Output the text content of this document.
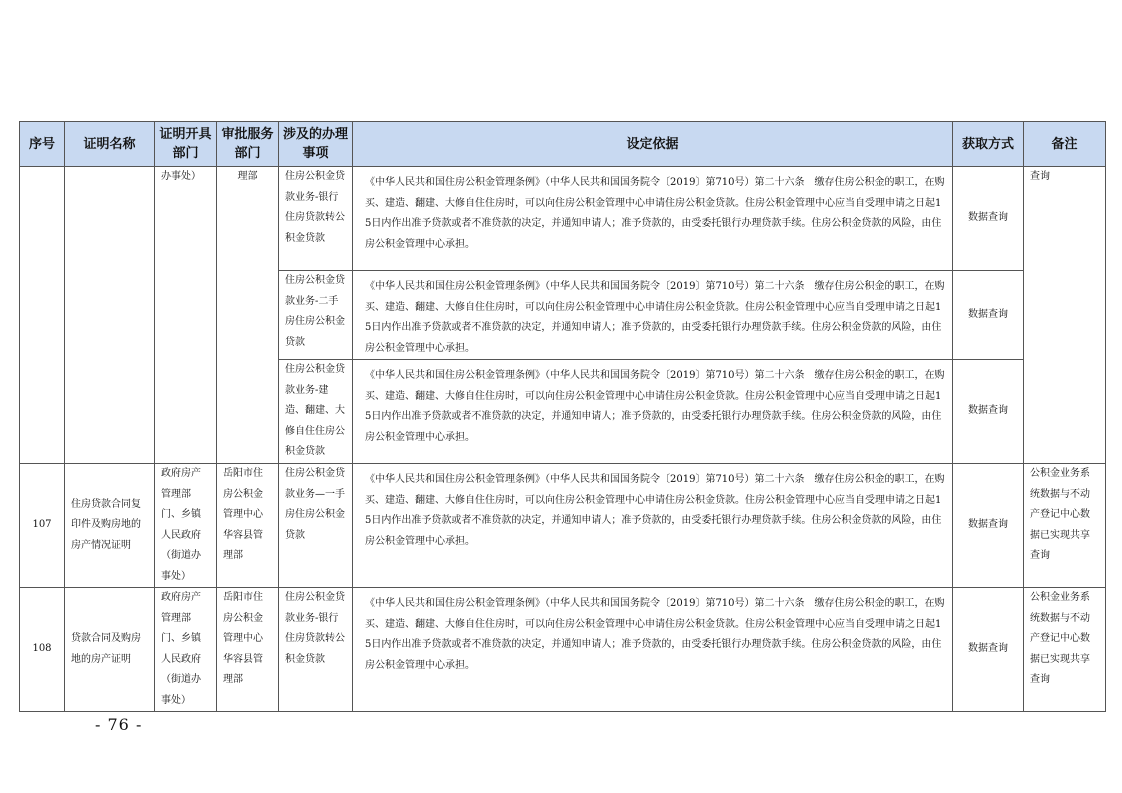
序号	证明名称	证明开具部门	审批服务部门	涉及的办理事项	设定依据	获取方式	备注

		办事处）	理部	住房公积金贷款业务-银行住房贷款转公积金贷款	《中华人民共和国住房公积金管理条例》（中华人民共和国国务院令〔2019〕第710号）第二十六条　缴存住房公积金的职工，在购买、建造、翻建、大修自住住房时，可以向住房公积金管理中心申请住房公积金贷款。住房公积金管理中心应当自受理申请之日起15日内作出准予贷款或者不准贷款的决定，并通知申请人；准予贷款的，由受委托银行办理贷款手续。住房公积金贷款的风险，由住房公积金管理中心承担。	数据查询	查询

				住房公积金贷款业务-二手房住房公积金贷款	《中华人民共和国住房公积金管理条例》（中华人民共和国国务院令〔2019〕第710号）第二十六条　缴存住房公积金的职工，在购买、建造、翻建、大修自住住房时，可以向住房公积金管理中心申请住房公积金贷款。住房公积金管理中心应当自受理申请之日起15日内作出准予贷款或者不准贷款的决定，并通知申请人；准予贷款的，由受委托银行办理贷款手续。住房公积金贷款的风险，由住房公积金管理中心承担。	数据查询	

				住房公积金贷款业务-建造、翻建、大修自住住房公积金贷款	《中华人民共和国住房公积金管理条例》（中华人民共和国国务院令〔2019〕第710号）第二十六条　缴存住房公积金的职工，在购买、建造、翻建、大修自住住房时，可以向住房公积金管理中心申请住房公积金贷款。住房公积金管理中心应当自受理申请之日起15日内作出准予贷款或者不准贷款的决定，并通知申请人；准予贷款的，由受委托银行办理贷款手续。住房公积金贷款的风险，由住房公积金管理中心承担。	数据查询	

107	住房贷款合同复印件及购房地的房产情况证明	政府房产管理部门、乡镇人民政府（街道办事处）	岳阳市住房公积金管理中心华容县管理部	住房公积金贷款业务—一手房住房公积金贷款	《中华人民共和国住房公积金管理条例》（中华人民共和国国务院令〔2019〕第710号）第二十六条　缴存住房公积金的职工，在购买、建造、翻建、大修自住住房时，可以向住房公积金管理中心申请住房公积金贷款。住房公积金管理中心应当自受理申请之日起15日内作出准予贷款或者不准贷款的决定，并通知申请人；准予贷款的，由受委托银行办理贷款手续。住房公积金贷款的风险，由住房公积金管理中心承担。	数据查询	公积金业务系统数据与不动产登记中心数据已实现共享查询

108	贷款合同及购房地的房产证明	政府房产管理部门、乡镇人民政府（街道办事处）	岳阳市住房公积金管理中心华容县管理部	住房公积金贷款业务-银行住房贷款转公积金贷款	《中华人民共和国住房公积金管理条例》（中华人民共和国国务院令〔2019〕第710号）第二十六条　缴存住房公积金的职工，在购买、建造、翻建、大修自住住房时，可以向住房公积金管理中心申请住房公积金贷款。住房公积金管理中心应当自受理申请之日起15日内作出准予贷款或者不准贷款的决定，并通知申请人；准予贷款的，由受委托银行办理贷款手续。住房公积金贷款的风险，由住房公积金管理中心承担。	数据查询	公积金业务系统数据与不动产登记中心数据已实现共享查询
- 76 -
